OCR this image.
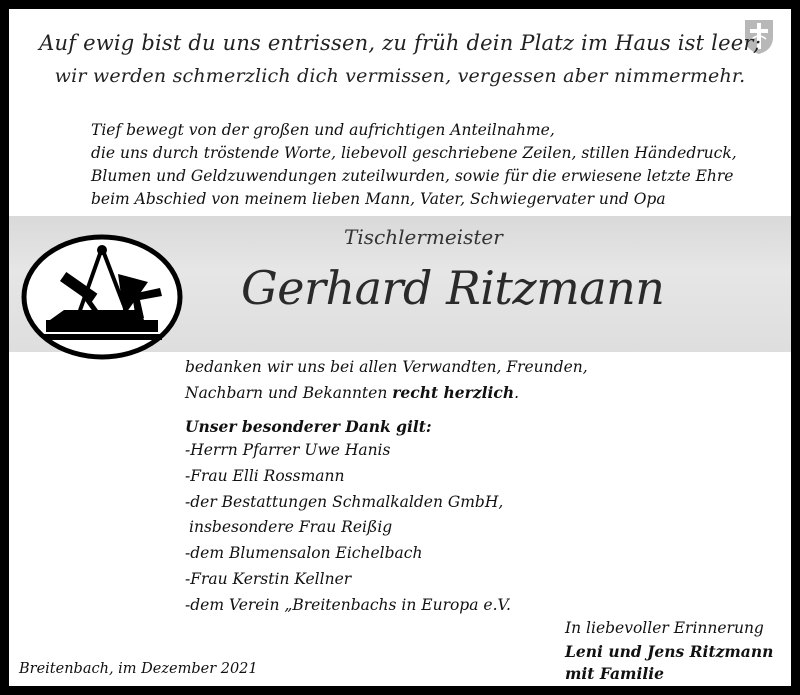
Auf ewig bist du uns entrissen, zu früh dein Platz im Haus ist leer;
wir werden schmerzlich dich vermissen, vergessen aber nimmermehr.
Tief bewegt von der großen und aufrichtigen Anteilnahme,
die uns durch tröstende Worte, liebevoll geschriebene Zeilen, stillen Händedruck,
Blumen und Geldzuwendungen zuteilwurden, sowie für die erwiesene letzte Ehre
beim Abschied von meinem lieben Mann, Vater, Schwiegervater und Opa
Tischlermeister
Gerhard Ritzmann
bedanken wir uns bei allen Verwandten, Freunden,
Nachbarn und Bekannten recht herzlich.
Unser besonderer Dank gilt:
-Herrn Pfarrer Uwe Hanis
-Frau Elli Rossmann
-der Bestattungen Schmalkalden GmbH,
insbesondere Frau Reißig
-dem Blumensalon Eichelbach
-Frau Kerstin Kellner
-dem Verein „Breitenbachs in Europa e.V.
In liebevoller Erinnerung
Leni und Jens Ritzmann
mit Familie
Breitenbach, im Dezember 2021
